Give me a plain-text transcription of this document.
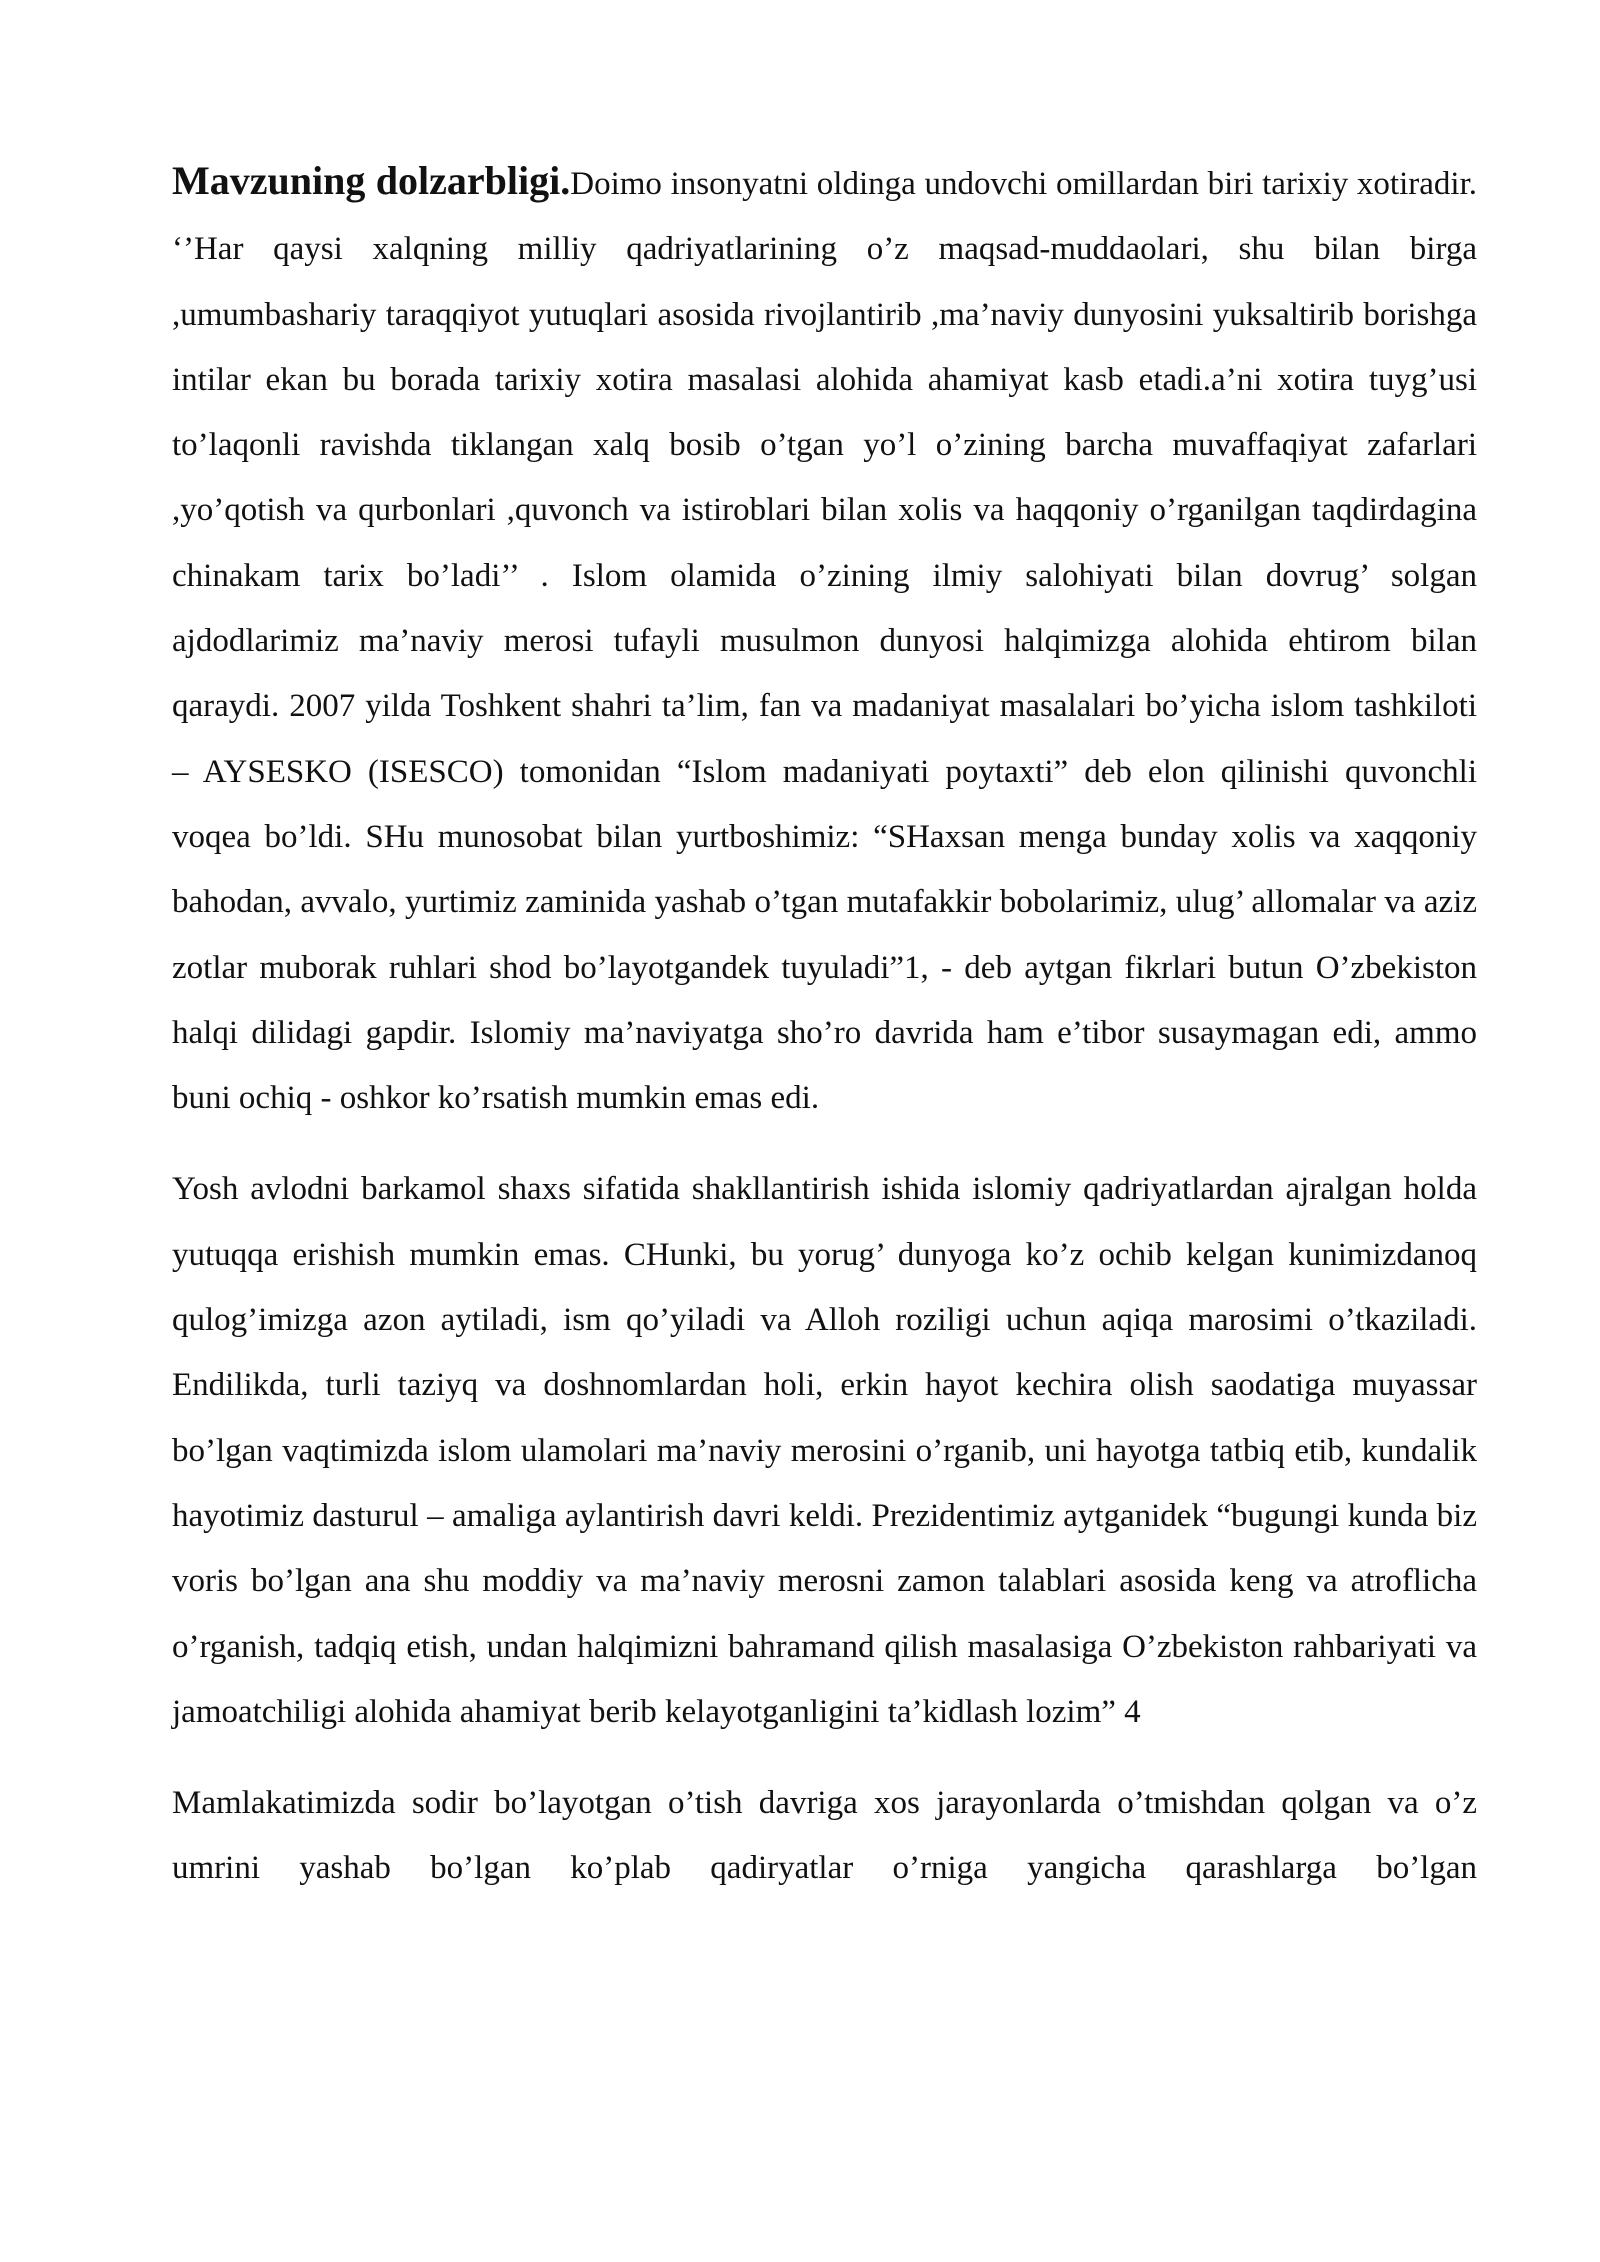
Mavzuning dolzarbligi.Doimo insonyatni oldinga undovchi omillardan biri tarixiy xotiradir. ‘’Har qaysi xalqning milliy qadriyatlarining o’z maqsad-muddaolari, shu bilan birga ,umumbashariy taraqqiyot yutuqlari asosida rivojlantirib ,ma’naviy dunyosini yuksaltirib borishga intilar ekan bu borada tarixiy xotira masalasi alohida ahamiyat kasb etadi.a’ni xotira tuyg’usi to’laqonli ravishda tiklangan xalq bosib o’tgan yo’l o’zining barcha muvaffaqiyat zafarlari ,yo’qotish va qurbonlari ,quvonch va istiroblari bilan xolis va haqqoniy o’rganilgan taqdirdagina chinakam tarix bo’ladi’’ . Islom olamida o’zining ilmiy salohiyati bilan dovrug’ solgan ajdodlarimiz ma’naviy merosi tufayli musulmon dunyosi halqimizga alohida ehtirom bilan qaraydi. 2007 yilda Toshkent shahri ta’lim, fan va madaniyat masalalari bo’yicha islom tashkiloti – AYSESKO (ISESCO) tomonidan “Islom madaniyati poytaxti” deb elon qilinishi quvonchli voqea bo’ldi. SHu munosobat bilan yurtboshimiz: “SHaxsan menga bunday xolis va xaqqoniy bahodan, avvalo, yurtimiz zaminida yashab o’tgan mutafakkir bobolarimiz, ulug’ allomalar va aziz zotlar muborak ruhlari shod bo’layotgandek tuyuladi”1, - deb aytgan fikrlari butun O’zbekiston halqi dilidagi gapdir. Islomiy ma’naviyatga sho’ro davrida ham e’tibor susaymagan edi, ammo buni ochiq - oshkor ko’rsatish mumkin emas edi.

Yosh avlodni barkamol shaxs sifatida shakllantirish ishida islomiy qadriyatlardan ajralgan holda yutuqqa erishish mumkin emas. CHunki, bu yorug’ dunyoga ko’z ochib kelgan kunimizdanoq qulog’imizga azon aytiladi, ism qo’yiladi va Alloh roziligi uchun aqiqa marosimi o’tkaziladi. Endilikda, turli taziyq va doshnomlardan holi, erkin hayot kechira olish saodatiga muyassar bo’lgan vaqtimizda islom ulamolari ma’naviy merosini o’rganib, uni hayotga tatbiq etib, kundalik hayotimiz dasturul – amaliga aylantirish davri keldi. Prezidentimiz aytganidek “bugungi kunda biz voris bo’lgan ana shu moddiy va ma’naviy merosni zamon talablari asosida keng va atroflicha o’rganish, tadqiq etish, undan halqimizni bahramand qilish masalasiga O’zbekiston rahbariyati va jamoatchiligi alohida ahamiyat berib kelayotganligini ta’kidlash lozim” 4

Mamlakatimizda sodir bo’layotgan o’tish davriga xos jarayonlarda o’tmishdan qolgan va o’z umrini yashab bo’lgan ko’plab qadiryatlar o’rniga yangicha qarashlarga bo’lgan
